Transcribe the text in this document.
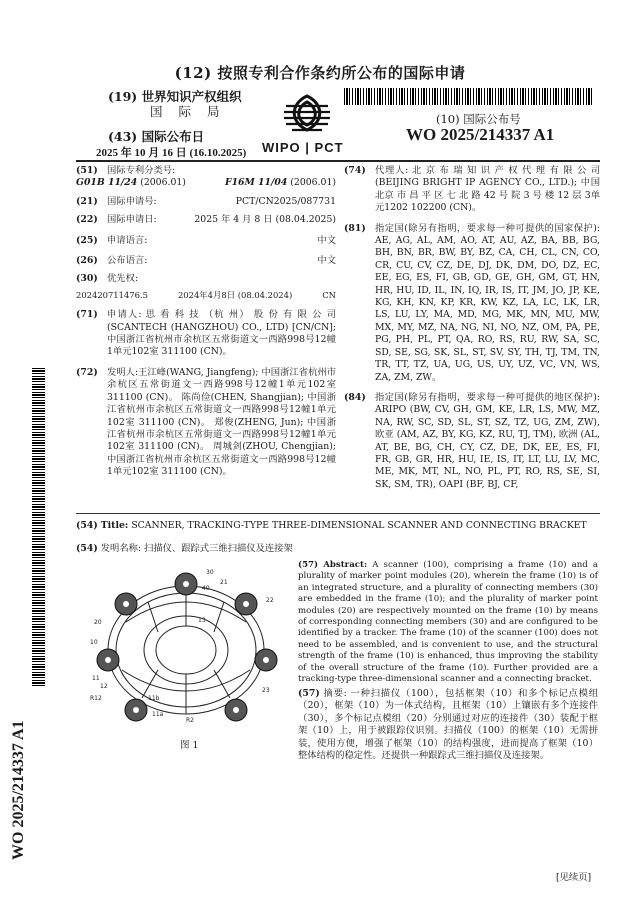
(12) 按照专利合作条约所公布的国际申请
(19) 世界知识产权组织
国 际 局
(43) 国际公布日
2025 年 10 月 16 日 (16.10.2025) WIPO | PCT
(10) 国际公布号
WO 2025/214337 A1
WO 2025/214337 A1
(51) 国际专利分类号:
G01B 11/24 (2006.01)	F16M 11/04 (2006.01)
(21) 国际申请号:	PCT/CN2025/087731
(22) 国际申请日:	2025 年 4 月 8 日 (08.04.2025)
(25) 申请语言:	中文
(26) 公布语言:	中文
(30) 优先权:
202420711476.5	2024年4月8日 (08.04.2024)	CN
(71) 申请人: 思 看 科 技 （杭 州） 股 份 有 限 公 司 (SCANTECH (HANGZHOU) CO., LTD) [CN/CN]; 中国浙江省杭州市余杭区五常街道文一西路998号12幢1单元102室 311100 (CN)。
(72) 发明人:王江峰(WANG, Jiangfeng); 中国浙江省杭州市余杭区五常街道文一西路998号12幢1单元102室 311100 (CN)。 陈尚俭(CHEN, Shangjian); 中国浙江省杭州市余杭区五常街道文一西路998号12幢1单元102室 311100 (CN)。 郑俊(ZHENG, Jun); 中国浙江省杭州市余杭区五常街道文一西路998号12幢1单元102室 311100 (CN)。 周城剑(ZHOU, Chengjian); 中国浙江省杭州市余杭区五常街道文一西路998号12幢1单元102室 311100 (CN)。
(74) 代理人: 北 京 布 瑞 知 识 产 权 代 理 有 限 公 司 (BEIJING BRIGHT IP AGENCY CO., LTD.); 中国北京 市 昌 平 区 七 北 路 42 号 院 3 号 楼 12 层 3单元1202 102200 (CN)。
(81) 指定国(除另有指明，要求每一种可提供的国家保护): AE, AG, AL, AM, AO, AT, AU, AZ, BA, BB, BG, BH, BN, BR, BW, BY, BZ, CA, CH, CL, CN, CO, CR, CU, CV, CZ, DE, DJ, DK, DM, DO, DZ, EC, EE, EG, ES, FI, GB, GD, GE, GH, GM, GT, HN, HR, HU, ID, IL, IN, IQ, IR, IS, IT, JM, JO, JP, KE, KG, KH, KN, KP, KR, KW, KZ, LA, LC, LK, LR, LS, LU, LY, MA, MD, MG, MK, MN, MU, MW, MX, MY, MZ, NA, NG, NI, NO, NZ, OM, PA, PE, PG, PH, PL, PT, QA, RO, RS, RU, RW, SA, SC, SD, SE, SG, SK, SL, ST, SV, SY, TH, TJ, TM, TN, TR, TT, TZ, UA, UG, US, UY, UZ, VC, VN, WS, ZA, ZM, ZW。
(84) 指定国(除另有指明，要求每一种可提供的地区保护): ARIPO (BW, CV, GH, GM, KE, LR, LS, MW, MZ, NA, RW, SC, SD, SL, ST, SZ, TZ, UG, ZM, ZW), 欧亚 (AM, AZ, BY, KG, KZ, RU, TJ, TM), 欧洲 (AL, AT, BE, BG, CH, CY, CZ, DE, DK, EE, ES, FI, FR, GB, GR, HR, HU, IE, IS, IT, LT, LU, LV, MC, ME, MK, MT, NL, NO, PL, PT, RO, RS, SE, SI, SK, SM, TR), OAPI (BF, BJ, CF,
(54) Title: SCANNER, TRACKING-TYPE THREE-DIMENSIONAL SCANNER AND CONNECTING BRACKET
(54) 发明名称: 扫描仪、跟踪式三维扫描仪及连接架
30
21
40
22
20
10
11
12
R12	11b
R2
23
11a
13
图 1
(57) Abstract: A scanner (100), comprising a frame (10) and a plurality of marker point modules (20), wherein the frame (10) is of an integrated structure, and a plurality of connecting members (30) are embedded in the frame (10); and the plurality of marker point modules (20) are respectively mounted on the frame (10) by means of corresponding connecting members (30) and are configured to be identified by a tracker. The frame (10) of the scanner (100) does not need to be assembled, and is convenient to use, and the structural strength of the frame (10) is enhanced, thus improving the stability of the overall structure of the frame (10). Further provided are a tracking-type three-dimensional scanner and a connecting bracket.
(57) 摘要: 一种扫描仪（100），包括框架（10）和多个标记点模组（20），框架（10）为一体式结构，且框架（10）上镶嵌有多个连接件（30），多个标记点模组（20）分别通过对应的连接件（30）装配于框架（10）上，用于被跟踪仪识别。扫描仪（100）的框架（10）无需拼装，使用方便，增强了框架（10）的结构强度，进而提高了框架（10）整体结构的稳定性。还提供一种跟踪式三维扫描仪及连接架。
[见续页]
